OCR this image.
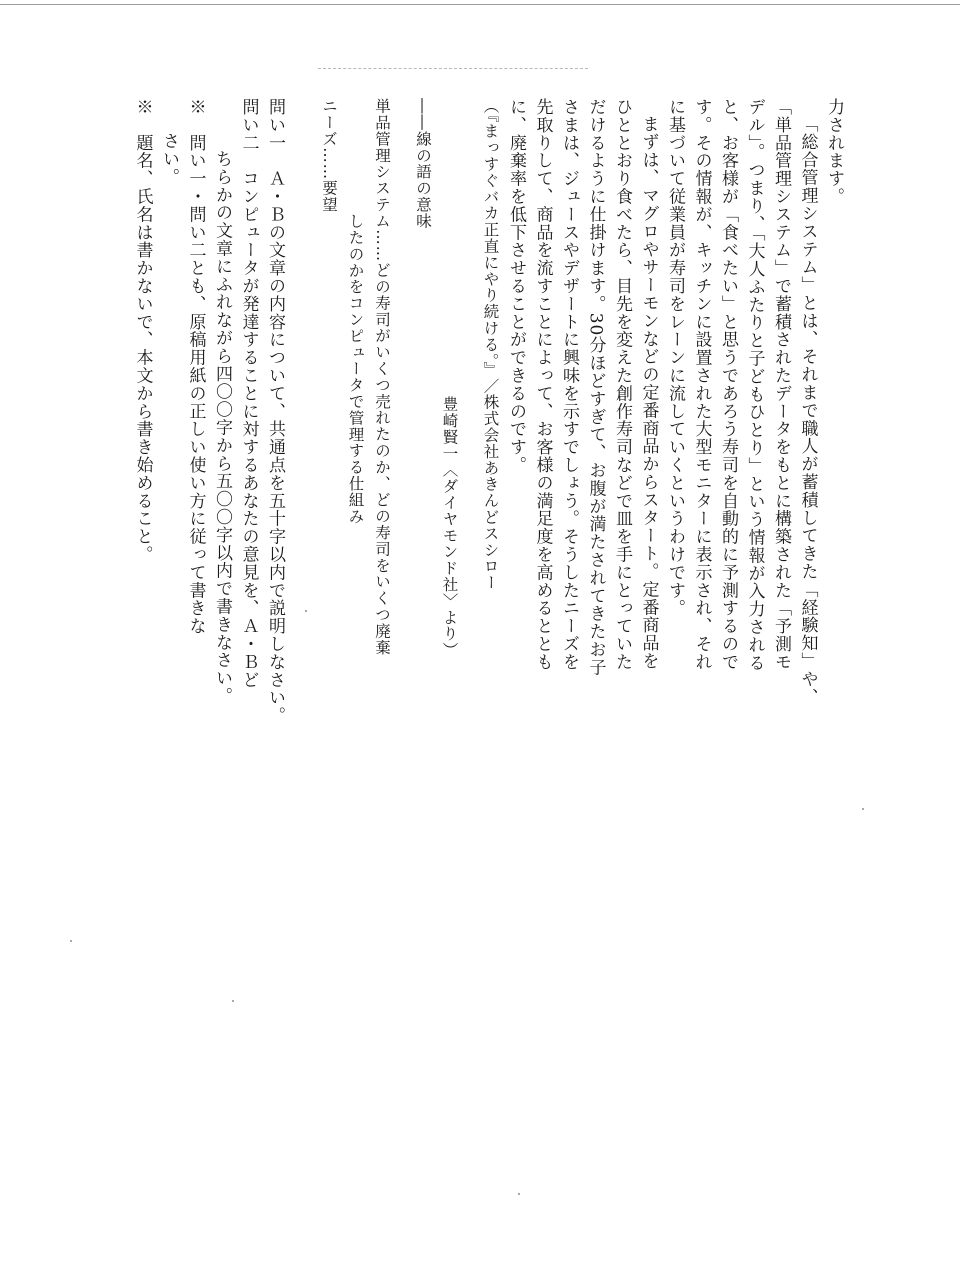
力されます。
「総合管理システム」とは、それまで職人が蓄積してきた「経験知」や、
「単品管理システム」で蓄積されたデータをもとに構築された「予測モ
デル」。つまり、「大人ふたりと子どもひとり」という情報が入力される
と、お客様が「食べたい」と思うであろう寿司を自動的に予測するので
す。その情報が、キッチンに設置された大型モニターに表示され、それ
に基づいて従業員が寿司をレーンに流していくというわけです。
まずは、マグロやサーモンなどの定番商品からスタート。定番商品を
ひととおり食べたら、目先を変えた創作寿司などで皿を手にとっていた
だけるように仕掛けます。30分ほどすぎて、お腹が満たされてきたお子
さまは、ジュースやデザートに興味を示すでしょう。そうしたニーズを
先取りして、商品を流すことによって、お客様の満足度を高めるととも
に、廃棄率を低下させることができるのです。
（『まっすぐバカ正直にやり続ける。』／株式会社あきんどスシロー
豊崎賢一〈ダイヤモンド社〉より）
――線の語の意味
単品管理システム……どの寿司がいくつ売れたのか、どの寿司をいくつ廃棄
したのかをコンピュータで管理する仕組み
ニーズ……要望
問い一　Ａ・Ｂの文章の内容について、共通点を五十字以内で説明しなさい。
問い二　コンピュータが発達することに対するあなたの意見を、Ａ・Ｂど
ちらかの文章にふれながら四〇〇字から五〇〇字以内で書きなさい。
※　問い一・問い二とも、原稿用紙の正しい使い方に従って書きな
さい。
※　題名、氏名は書かないで、本文から書き始めること。
